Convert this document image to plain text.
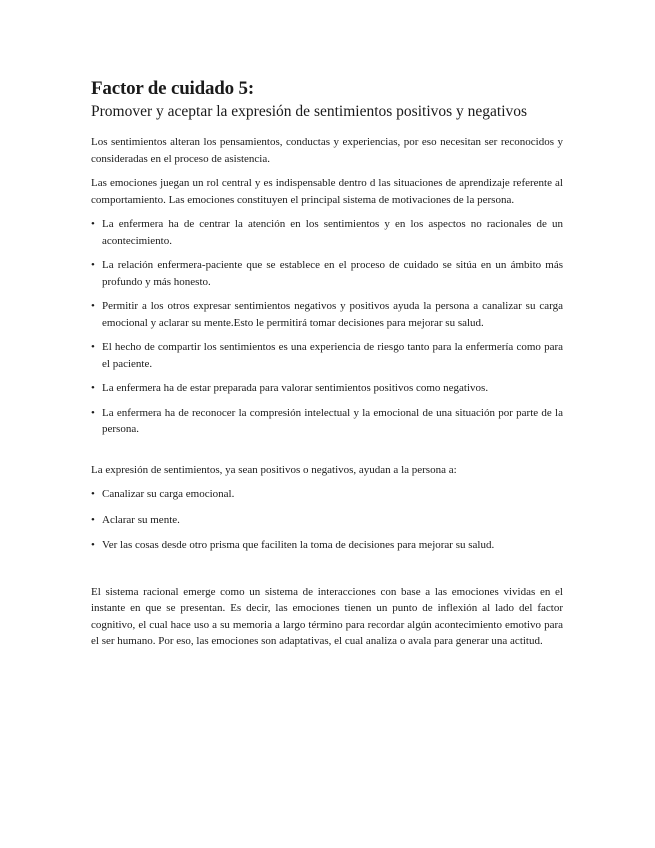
Factor de cuidado 5:
Promover y aceptar la expresión de sentimientos positivos y negativos

Los sentimientos alteran los pensamientos, conductas y experiencias, por eso necesitan ser reconocidos y consideradas en el proceso de asistencia.

Las emociones juegan un rol central y es indispensable dentro d las situaciones de aprendizaje referente al comportamiento. Las emociones constituyen el principal sistema de motivaciones de la persona.

• La enfermera ha de centrar la atención en los sentimientos y en los aspectos no racionales de un acontecimiento.
• La relación enfermera-paciente que se establece en el proceso de cuidado se sitúa en un ámbito más profundo y más honesto.
• Permitir a los otros expresar sentimientos negativos y positivos ayuda la persona a canalizar su carga emocional y aclarar su mente.Esto le permitirá tomar decisiones para mejorar su salud.
• El hecho de compartir los sentimientos es una experiencia de riesgo tanto para la enfermería como para el paciente.
• La enfermera ha de estar preparada para valorar sentimientos positivos como negativos.
• La enfermera ha de reconocer la compresión intelectual y la emocional de una situación por parte de la persona.

La expresión de sentimientos, ya sean positivos o negativos, ayudan a la persona a:

• Canalizar su carga emocional.
• Aclarar su mente.
• Ver las cosas desde otro prisma que faciliten la toma de decisiones para mejorar su salud.

El sistema racional emerge como un sistema de interacciones con base a las emociones vividas en el instante en que se presentan. Es decir, las emociones tienen un punto de inflexión al lado del factor cognitivo, el cual hace uso a su memoria a largo término para recordar algún acontecimiento emotivo para el ser humano. Por eso, las emociones son adaptativas, el cual analiza o avala para generar una actitud.
